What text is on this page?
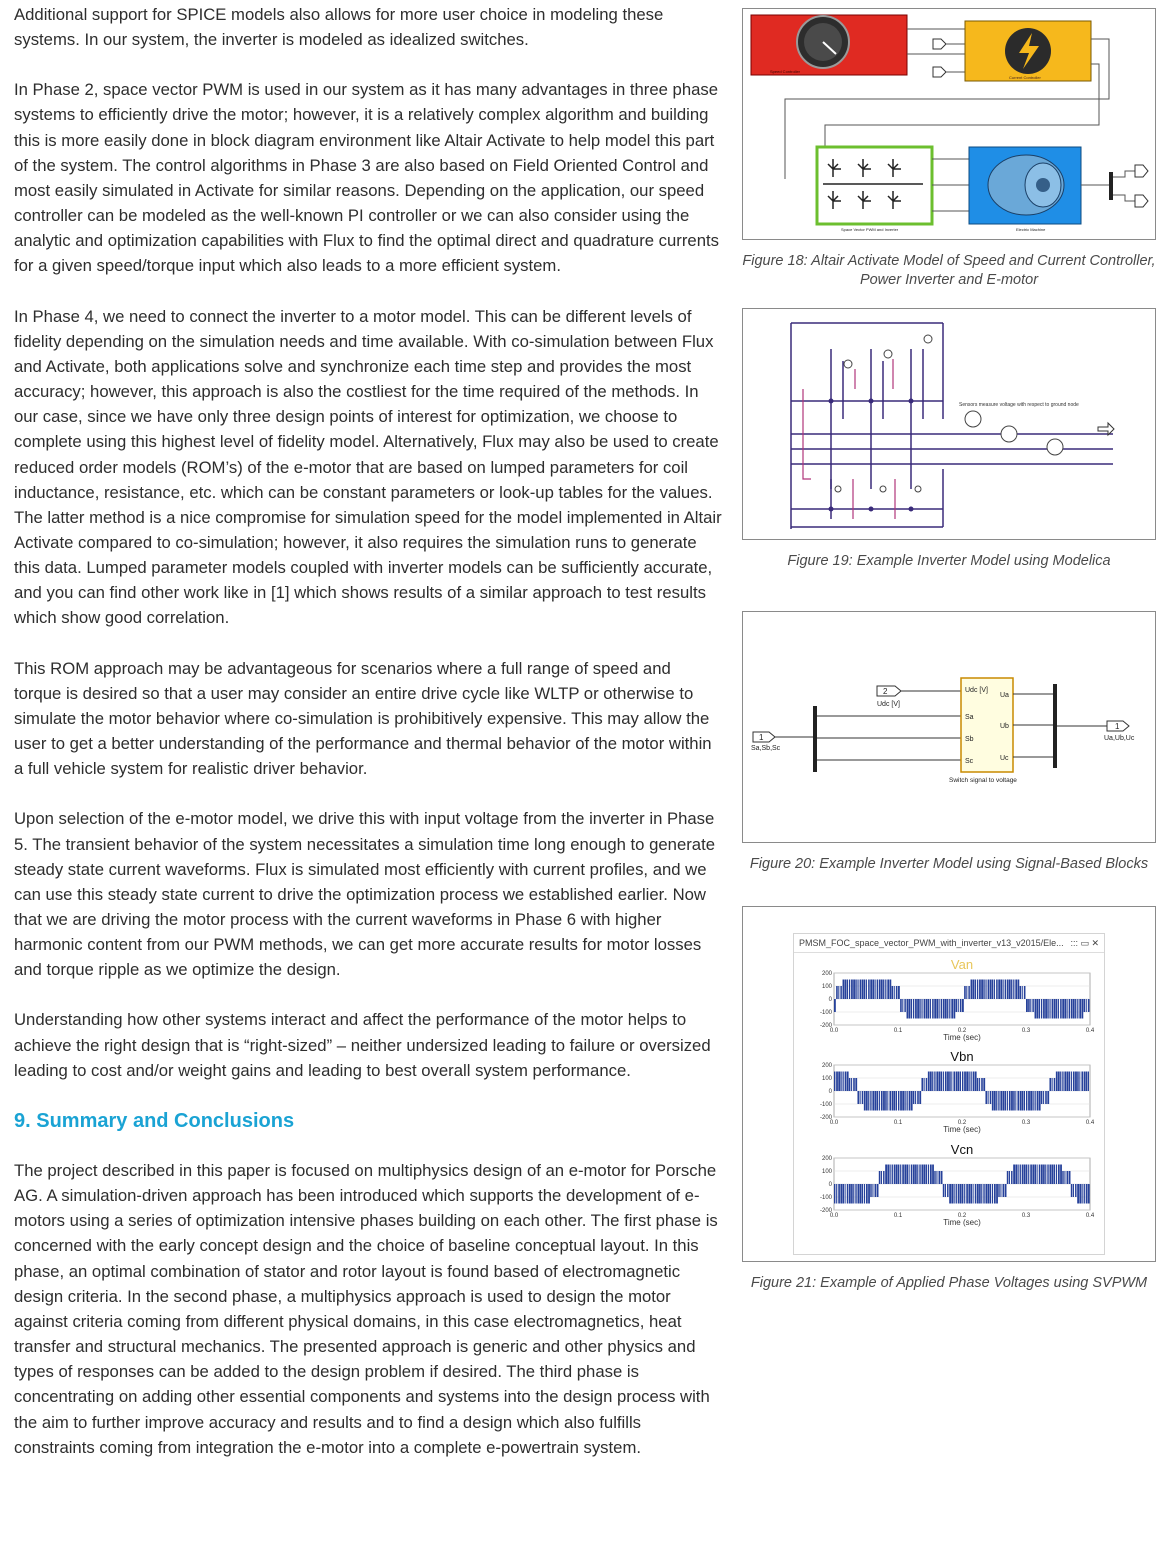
Additional support for SPICE models also allows for more user choice in modeling these systems. In our system, the inverter is modeled as idealized switches.

In Phase 2, space vector PWM is used in our system as it has many advantages in three phase systems to efficiently drive the motor; however, it is a relatively complex algorithm and building this is more easily done in block diagram environment like Altair Activate to help model this part of the system. The control algorithms in Phase 3 are also based on Field Oriented Control and most easily simulated in Activate for similar reasons. Depending on the application, our speed controller can be modeled as the well-known PI controller or we can also consider using the analytic and optimization capabilities with Flux to find the optimal direct and quadrature currents for a given speed/torque input which also leads to a more efficient system.

In Phase 4, we need to connect the inverter to a motor model. This can be different levels of fidelity depending on the simulation needs and time available. With co-simulation between Flux and Activate, both applications solve and synchronize each time step and provides the most accuracy; however, this approach is also the costliest for the time required of the methods. In our case, since we have only three design points of interest for optimization, we choose to complete using this highest level of fidelity model. Alternatively, Flux may also be used to create reduced order models (ROM’s) of the e-motor that are based on lumped parameters for coil inductance, resistance, etc. which can be constant parameters or look-up tables for the values. The latter method is a nice compromise for simulation speed for the model implemented in Altair Activate compared to co-simulation; however, it also requires the simulation runs to generate this data. Lumped parameter models coupled with inverter models can be sufficiently accurate, and you can find other work like in [1] which shows results of a similar approach to test results which show good correlation.

This ROM approach may be advantageous for scenarios where a full range of speed and torque is desired so that a user may consider an entire drive cycle like WLTP or otherwise to simulate the motor behavior where co-simulation is prohibitively expensive. This may allow the user to get a better understanding of the performance and thermal behavior of the motor within a full vehicle system for realistic driver behavior.

Upon selection of the e-motor model, we drive this with input voltage from the inverter in Phase 5. The transient behavior of the system necessitates a simulation time long enough to generate steady state current waveforms. Flux is simulated most efficiently with current profiles, and we can use this steady state current to drive the optimization process we established earlier. Now that we are driving the motor process with the current waveforms in Phase 6 with higher harmonic content from our PWM methods, we can get more accurate results for motor losses and torque ripple as we optimize the design.

Understanding how other systems interact and affect the performance of the motor helps to achieve the right design that is “right-sized” – neither undersized leading to failure or oversized leading to cost and/or weight gains and leading to best overall system performance.

9. Summary and Conclusions

The project described in this paper is focused on multiphysics design of an e-motor for Porsche AG. A simulation-driven approach has been introduced which supports the development of e-motors using a series of optimization intensive phases building on each other. The first phase is concerned with the early concept design and the choice of baseline conceptual layout. In this phase, an optimal combination of stator and rotor layout is found based of electromagnetic design criteria. In the second phase, a multiphysics approach is used to design the motor against criteria coming from different physical domains, in this case electromagnetics, heat transfer and structural mechanics. The presented approach is generic and other physics and types of responses can be added to the design problem if desired. The third phase is concentrating on adding other essential components and systems into the design process with the aim to further improve accuracy and results and to find a design which also fulfills constraints coming from integration the e-motor into a complete e-powertrain system.

Speed Controller
Current Controller
Space Vector PWM and Inverter	Electric Machine
Figure 18: Altair Activate Model of Speed and Current Controller, Power Inverter and E-motor
Sensors measure voltage with respect to ground node
Figure 19: Example Inverter Model using Modelica
1
Sa,Sb,Sc
2
Udc [V]
Udc [V]
Sa
Sb
Sc
Ua
Ub
Uc
Switch signal to voltage
1
Ua,Ub,Uc
Figure 20: Example Inverter Model using Signal-Based Blocks
PMSM_FOC_space_vector_PWM_with_inverter_v13_v2015/Ele... ::: ▭ ✕
Van
200
100
0
-100
-200
0.0	0.1	0.2	0.3	0.4
Time (sec)
Vbn
200
100
0
-100
-200
0.0	0.1	0.2	0.3	0.4
Time (sec)
Vcn
200
100
0
-100
-200
0.0	0.1	0.2	0.3	0.4
Time (sec)
Figure 21: Example of Applied Phase Voltages using SVPWM
